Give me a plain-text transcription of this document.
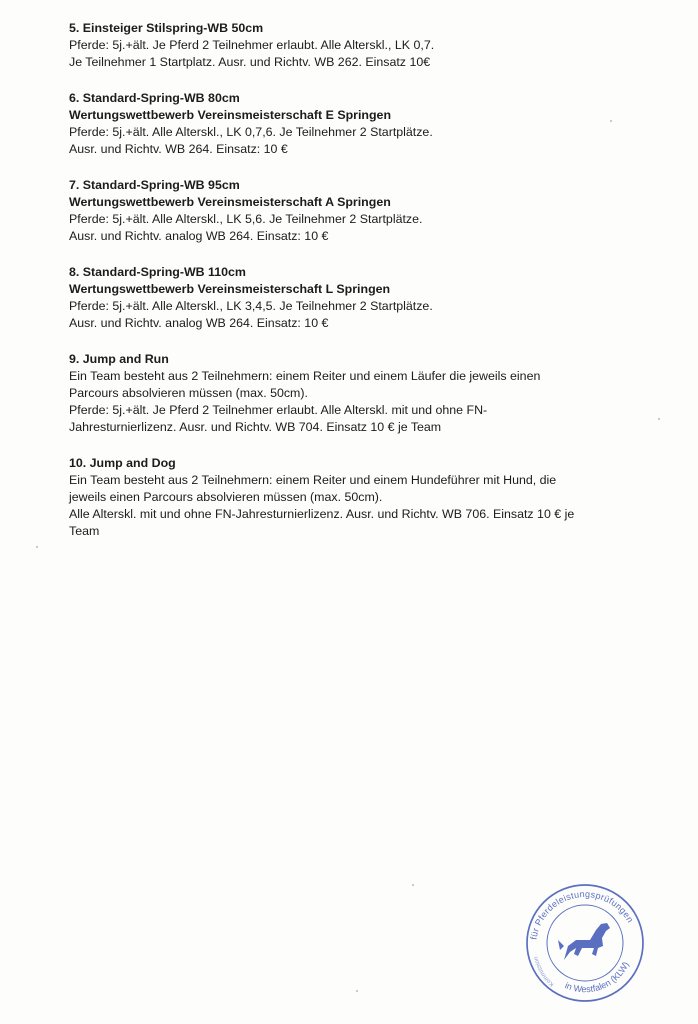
5. Einsteiger Stilspring-WB 50cm

Pferde: 5j.+ält. Je Pferd 2 Teilnehmer erlaubt. Alle Alterskl., LK 0,7.

Je Teilnehmer 1 Startplatz. Ausr. und Richtv. WB 262. Einsatz 10€

6. Standard-Spring-WB 80cm

Wertungswettbewerb Vereinsmeisterschaft E Springen

Pferde: 5j.+ält. Alle Alterskl., LK 0,7,6. Je Teilnehmer 2 Startplätze.

Ausr. und Richtv. WB 264. Einsatz: 10 €

7. Standard-Spring-WB 95cm

Wertungswettbewerb Vereinsmeisterschaft A Springen

Pferde: 5j.+ält. Alle Alterskl., LK 5,6. Je Teilnehmer 2 Startplätze.

Ausr. und Richtv. analog WB 264. Einsatz: 10 €

8. Standard-Spring-WB 110cm

Wertungswettbewerb Vereinsmeisterschaft L Springen

Pferde: 5j.+ält. Alle Alterskl., LK 3,4,5. Je Teilnehmer 2 Startplätze.

Ausr. und Richtv. analog WB 264. Einsatz: 10 €

9. Jump and Run

Ein Team besteht aus 2 Teilnehmern: einem Reiter und einem Läufer die jeweils einen

Parcours absolvieren müssen (max. 50cm).

Pferde: 5j.+ält. Je Pferd 2 Teilnehmer erlaubt. Alle Alterskl. mit und ohne FN-

Jahresturnierlizenz. Ausr. und Richtv. WB 704. Einsatz 10 € je Team

10. Jump and Dog

Ein Team besteht aus 2 Teilnehmern: einem Reiter und einem Hundeführer mit Hund, die

jeweils einen Parcours absolvieren müssen (max. 50cm).

Alle Alterskl. mit und ohne FN-Jahresturnierlizenz. Ausr. und Richtv. WB 706. Einsatz 10 € je

Team

für Pferdeleistungsprüfungen
in Westfalen (KLW)
Kommission
